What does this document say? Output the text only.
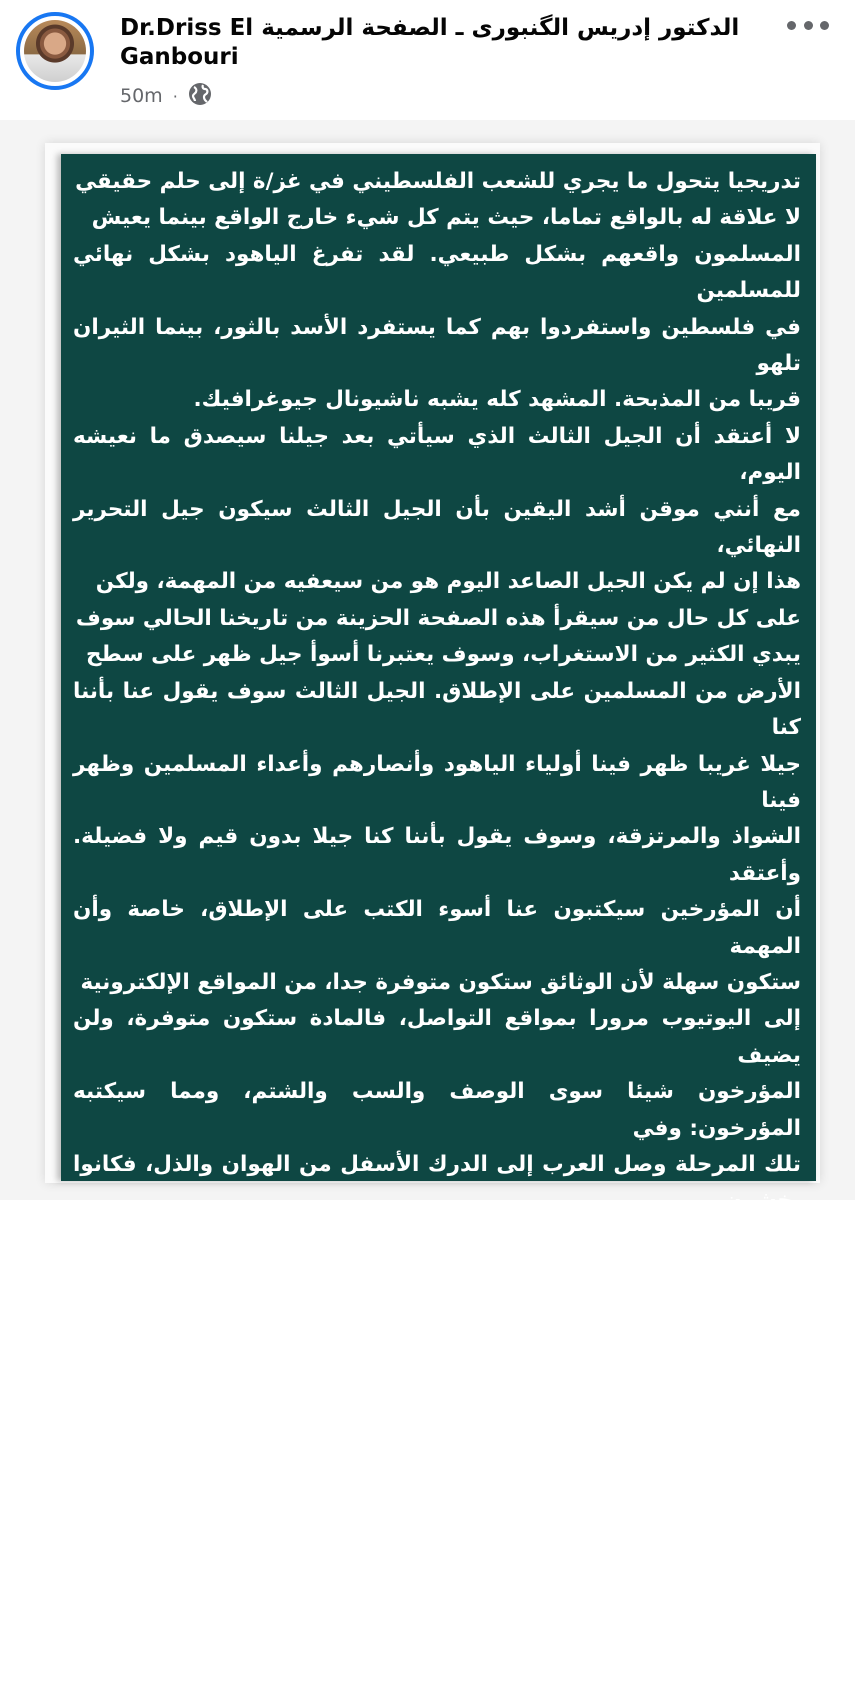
Dr.Driss El الدكتور إدريس الگنبورى ـ الصفحة الرسمية Ganbouri
50m ·
تدريجيا يتحول ما يجري للشعب الفلسطيني في غز/ة إلى حلم حقيقي
لا علاقة له بالواقع تماما، حيث يتم كل شيء خارج الواقع بينما يعيش
المسلمون واقعهم بشكل طبيعي. لقد تفرغ الياهود بشكل نهائي للمسلمين
في فلسطين واستفردوا بهم كما يستفرد الأسد بالثور، بينما الثيران تلهو
قريبا من المذبحة. المشهد كله يشبه ناشيونال جيوغرافيك.
لا أعتقد أن الجيل الثالث الذي سيأتي بعد جيلنا سيصدق ما نعيشه اليوم،
مع أنني موقن أشد اليقين بأن الجيل الثالث سيكون جيل التحرير النهائي،
هذا إن لم يكن الجيل الصاعد اليوم هو من سيعفيه من المهمة، ولكن
على كل حال من سيقرأ هذه الصفحة الحزينة من تاريخنا الحالي سوف
يبدي الكثير من الاستغراب، وسوف يعتبرنا أسوأ جيل ظهر على سطح
الأرض من المسلمين على الإطلاق. الجيل الثالث سوف يقول عنا بأننا كنا
جيلا غريبا ظهر فينا أولياء الياهود وأنصارهم وأعداء المسلمين وظهر فينا
الشواذ والمرتزقة، وسوف يقول بأننا كنا جيلا بدون قيم ولا فضيلة. وأعتقد
أن المؤرخين سيكتبون عنا أسوء الكتب على الإطلاق، خاصة وأن المهمة
ستكون سهلة لأن الوثائق ستكون متوفرة جدا، من المواقع الإلكترونية
إلى اليوتيوب مرورا بمواقع التواصل، فالمادة ستكون متوفرة، ولن يضيف
المؤرخون شيئا سوى الوصف والسب والشتم، ومما سيكتبه المؤرخون: وفي
تلك المرحلة وصل العرب إلى الدرك الأسفل من الهوان والذل، فكانوا يخشون
من الياهود ويسعون إلى مودتهم، وكانت التجارة بينهم رائجة والمعاملات
جيدة، وفي تلك المرحلة ظهر رجل أمريكي يدعى دونالد ترامب يقال بأنه
كان يضطهد الحكام العرب ويسومهم سوء العذاب، أما في فلسطين الحالية
التي كان يقيم بها الياهود ويطلقون على مستوطنتهم اسم إصرائيل فقد
حكمهم رجل يدعى نتنياهو، وقد كان رجلا شجاعا لا يهاب العرب، ولم يكن
الفلسطيني يستطيع أن يسافر من الضفة الغربية إلى يافا التي كانت تسمى
تل أبيب، كما هو الأمر اليوم.
